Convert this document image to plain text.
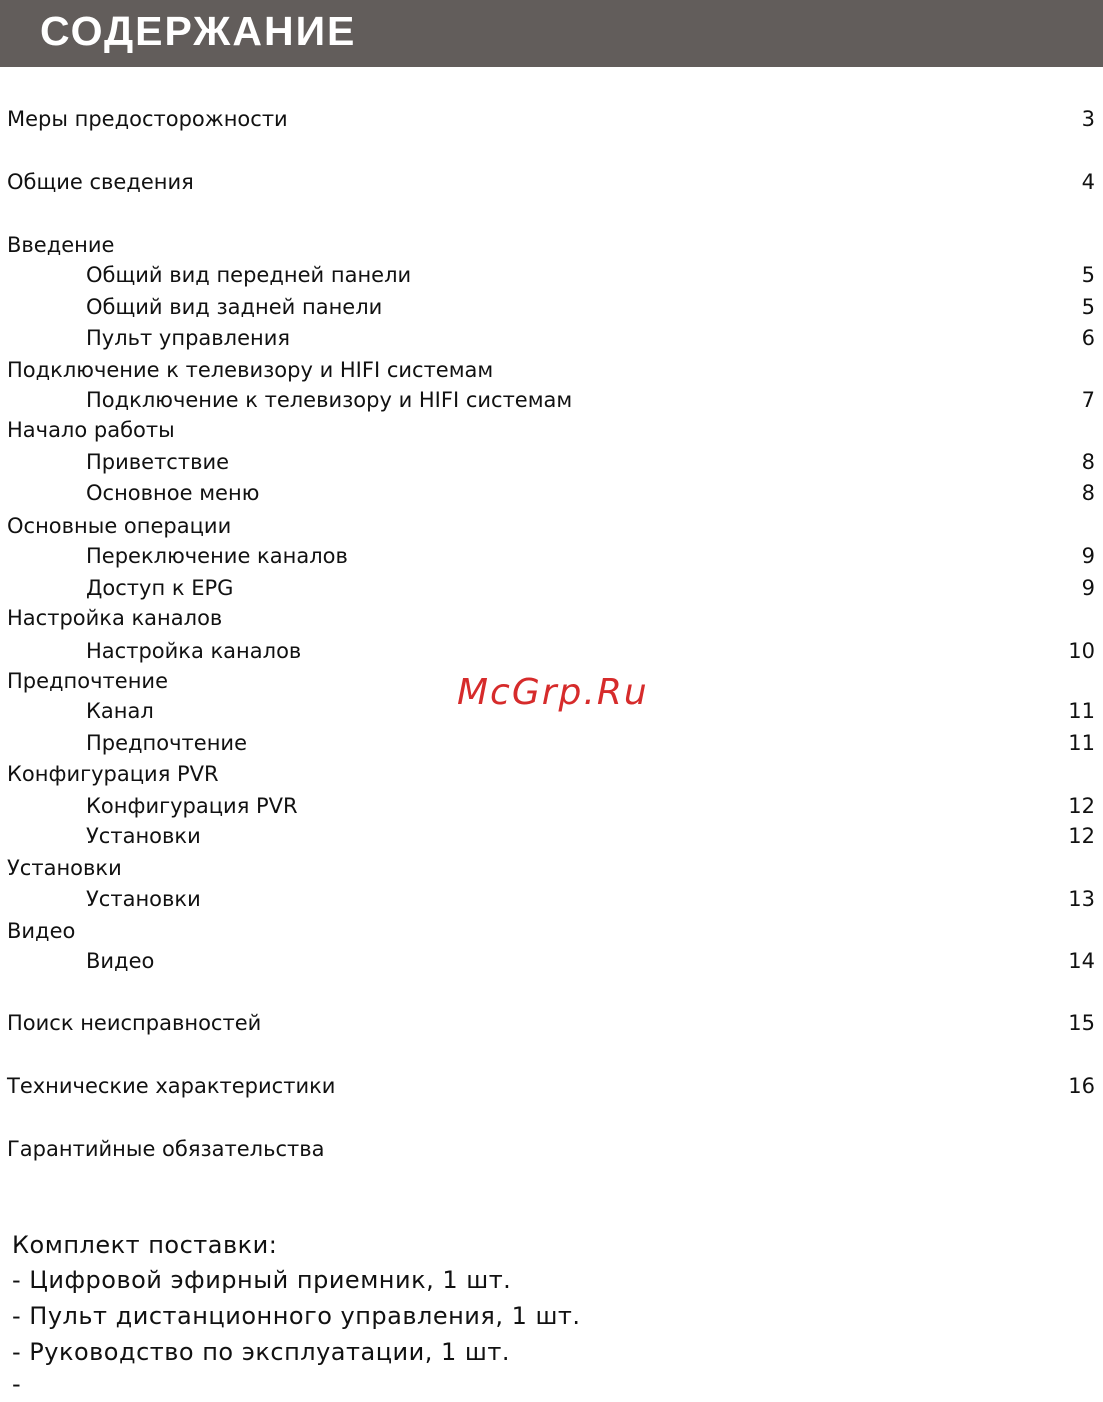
СОДЕРЖАНИЕ
Меры предосторожности	3
Общие сведения	4
Введение
Общий вид передней панели	5
Общий вид задней панели	5
Пульт управления	6
Подключение к телевизору и HIFI системам
Подключение к телевизору и HIFI системам	7
Начало работы
Приветствие	8
Основное меню	8
Основные операции
Переключение каналов	9
Доступ к EPG	9
Настройка каналов
Настройка каналов	10
Предпочтение
Канал	11
Предпочтение	11
Конфигурация PVR
Конфигурация PVR	12
Установки	12
Установки
Установки	13
Видео
Видео	14
Поиск неисправностей	15
Технические характеристики	16
Гарантийные обязательства
McGrp.Ru
Комплект поставки:
- Цифровой эфирный приемник, 1 шт.
- Пульт дистанционного управления, 1 шт.
- Руководство по эксплуатации, 1 шт.
-
